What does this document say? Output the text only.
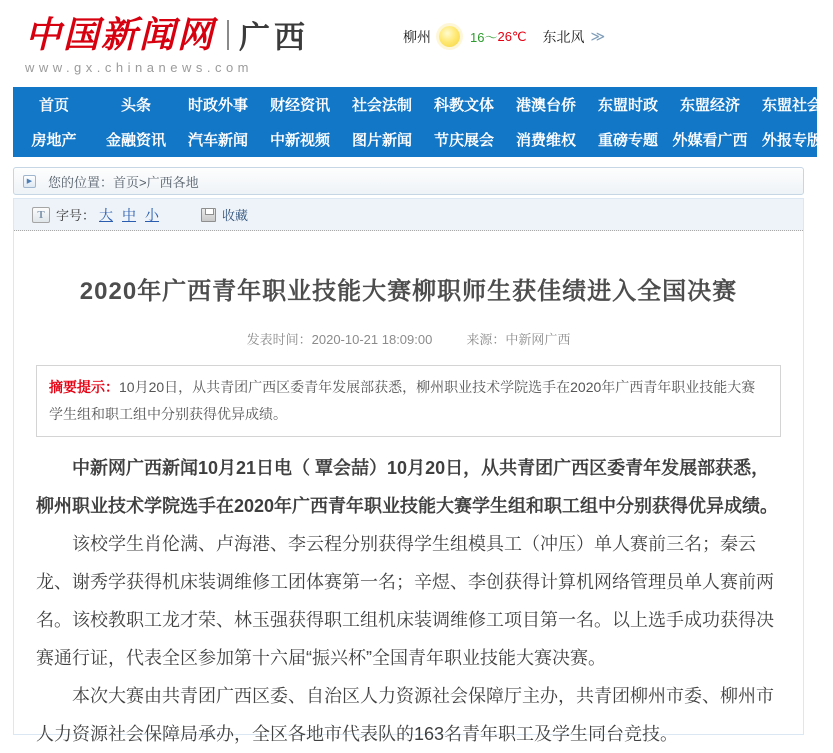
中国新闻网 广西
www.gx.chinanews.com
柳州	16～ 26℃ 东北风 ≫
首页	头条 时政外事 财经资讯 社会法制 科教文体 港澳台侨 东盟时政 东盟经济 东盟社会
房地产 金融资讯 汽车新闻 中新视频 图片新闻 节庆展会 消费维权 重磅专题 外媒看广西 外报专版
▶
您的位置：首页>广西各地
T
字号： 大 中 小	收藏
2020年广西青年职业技能大赛柳职师生获佳绩进入全国决赛
发表时间：2020-10-21 18:09:00	来源：中新网广西
摘要提示：10月20日，从共青团广西区委青年发展部获悉，柳州职业技术学院选手在2020年广西青年职业技能大赛学生组和职工组中分别获得优异成绩。
中新网广西新闻10月21日电（ 覃会喆）10月20日，从共青团广西区委青年发展部获悉，柳州职业技术学院选手在2020年广西青年职业技能大赛学生组和职工组中分别获得优异成绩。
该校学生肖伦满、卢海港、李云程分别获得学生组模具工（冲压）单人赛前三名；秦云龙、谢秀学获得机床装调维修工团体赛第一名；辛煜、李创获得计算机网络管理员单人赛前两名。该校教职工龙才荣、林玉强获得职工组机床装调维修工项目第一名。以上选手成功获得决赛通行证，代表全区参加第十六届“振兴杯”全国青年职业技能大赛决赛。
本次大赛由共青团广西区委、自治区人力资源社会保障厅主办，共青团柳州市委、柳州市人力资源社会保障局承办，全区各地市代表队的163名青年职工及学生同台竞技。
